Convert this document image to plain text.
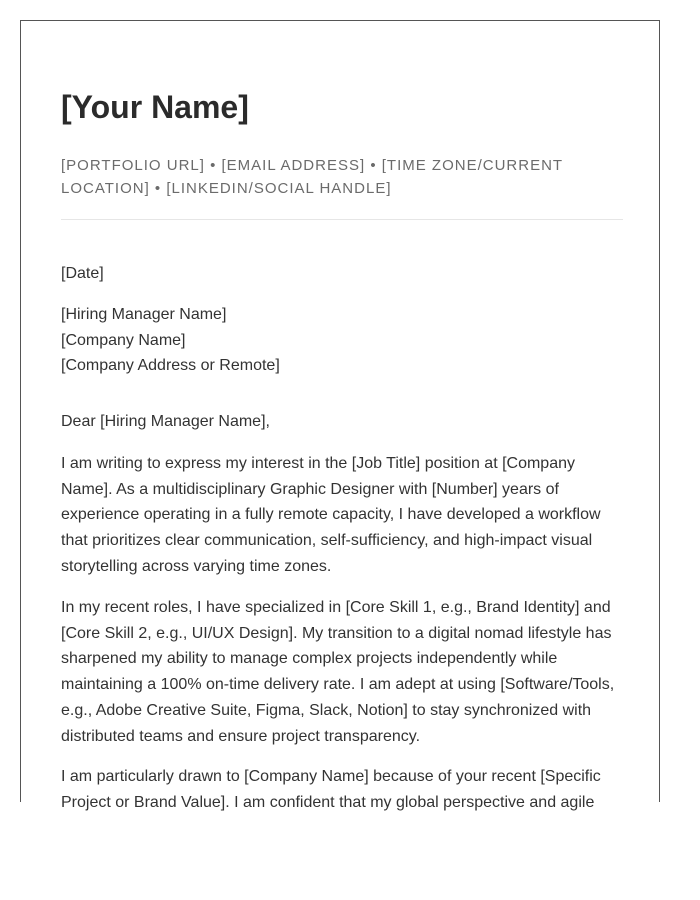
[Your Name]

[PORTFOLIO URL] • [EMAIL ADDRESS] • [TIME ZONE/CURRENT
LOCATION] • [LINKEDIN/SOCIAL HANDLE]

[Date]

[Hiring Manager Name]
[Company Name]
[Company Address or Remote]

Dear [Hiring Manager Name],

I am writing to express my interest in the [Job Title] position at [Company
Name]. As a multidisciplinary Graphic Designer with [Number] years of
experience operating in a fully remote capacity, I have developed a workflow
that prioritizes clear communication, self-sufficiency, and high-impact visual
storytelling across varying time zones.

In my recent roles, I have specialized in [Core Skill 1, e.g., Brand Identity] and
[Core Skill 2, e.g., UI/UX Design]. My transition to a digital nomad lifestyle has
sharpened my ability to manage complex projects independently while
maintaining a 100% on-time delivery rate. I am adept at using [Software/Tools,
e.g., Adobe Creative Suite, Figma, Slack, Notion] to stay synchronized with
distributed teams and ensure project transparency.

I am particularly drawn to [Company Name] because of your recent [Specific
Project or Brand Value]. I am confident that my global perspective and agile
